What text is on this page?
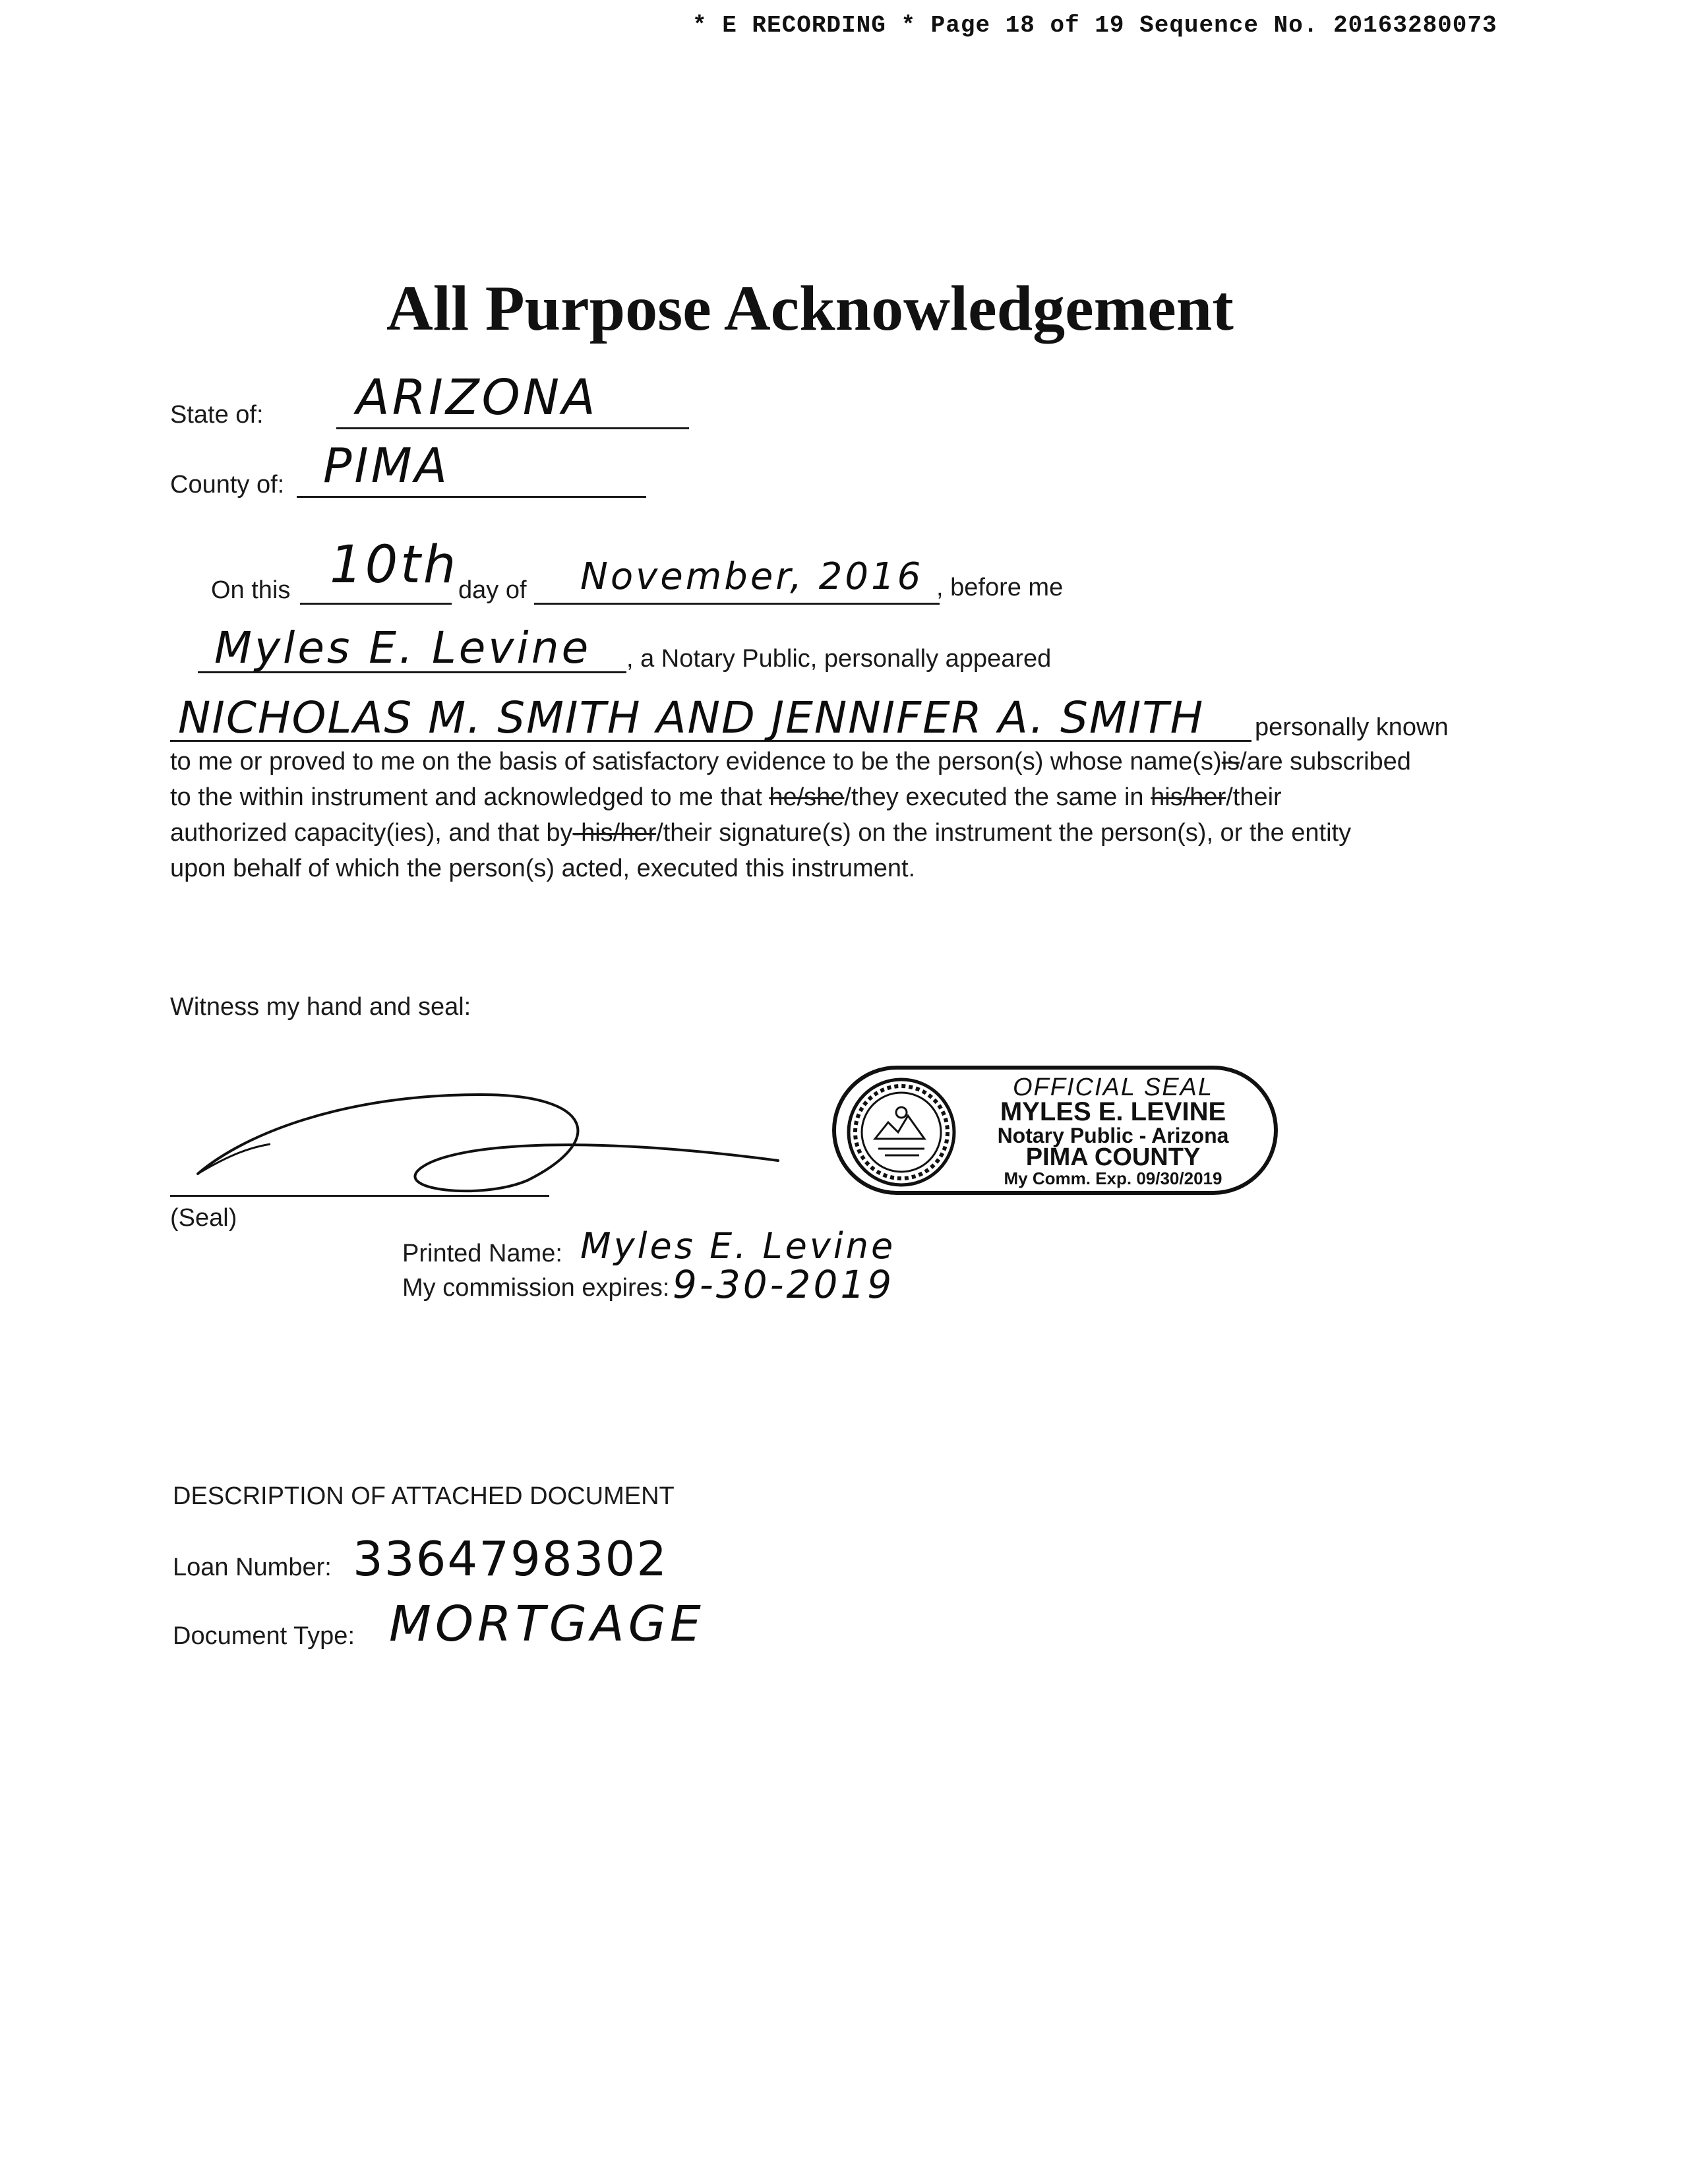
* E RECORDING * Page 18 of 19 Sequence No. 20163280073
All Purpose Acknowledgement
State of: ARIZONA
County of: PIMA
On this 10th day of November, 2016 , before me
Myles E. Levine , a Notary Public, personally appeared
NICHOLAS M. SMITH AND JENNIFER A. SMITH personally known
to me or proved to me on the basis of satisfactory evidence to be the person(s) whose name(s)is/are subscribed
to the within instrument and acknowledged to me that he/she/they executed the same in his/her/their
authorized capacity(ies), and that by-his/her/their signature(s) on the instrument the person(s), or the entity
upon behalf of which the person(s) acted, executed this instrument.
Witness my hand and seal:
(Seal)
OFFICIAL SEAL
MYLES E. LEVINE
Notary Public - Arizona
PIMA COUNTY
My Comm. Exp. 09/30/2019
Printed Name: Myles E. Levine
My commission expires: 9-30-2019
DESCRIPTION OF ATTACHED DOCUMENT
Loan Number: 3364798302
Document Type: MORTGAGE
